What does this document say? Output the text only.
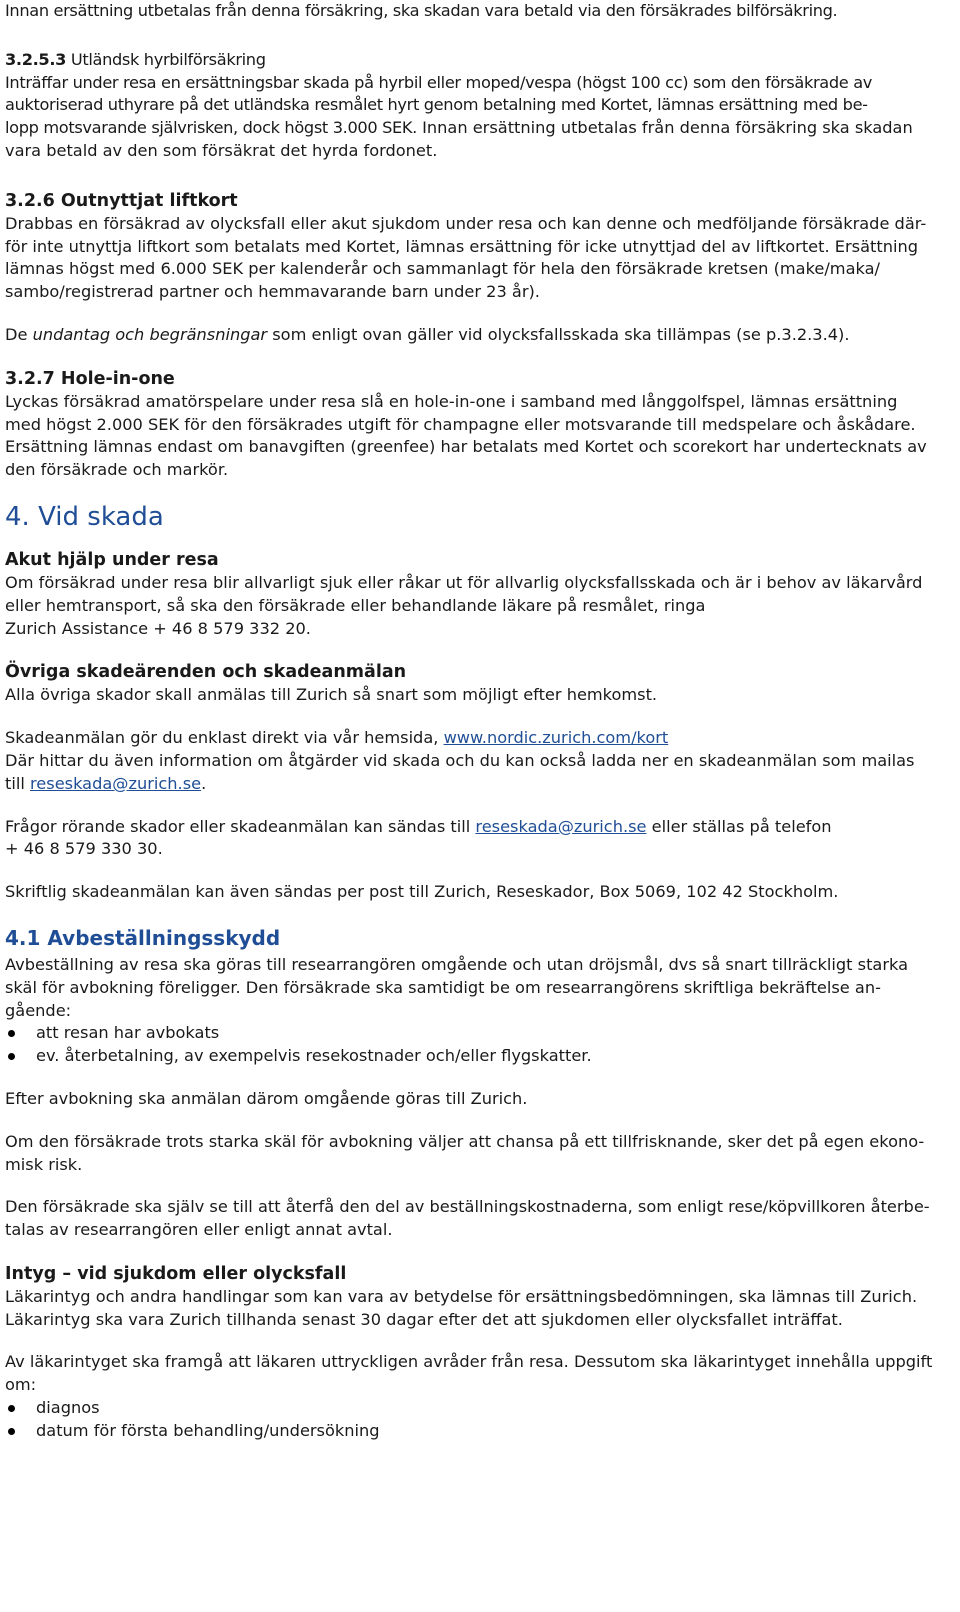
Innan ersättning utbetalas från denna försäkring, ska skadan vara betald via den försäkrades bilförsäkring.

3.2.5.3 Utländsk hyrbilförsäkring

Inträffar under resa en ersättningsbar skada på hyrbil eller moped/vespa (högst 100 cc) som den försäkrade av

auktoriserad uthyrare på det utländska resmålet hyrt genom betalning med Kortet, lämnas ersättning med be-

lopp motsvarande självrisken, dock högst 3.000 SEK. Innan ersättning utbetalas från denna försäkring ska skadan

vara betald av den som försäkrat det hyrda fordonet.

3.2.6 Outnyttjat liftkort

Drabbas en försäkrad av olycksfall eller akut sjukdom under resa och kan denne och medföljande försäkrade där-för inte utnyttja liftkort som betalats med Kortet, lämnas ersättning för icke utnyttjad del av liftkortet. Ersättning lämnas högst med 6.000 SEK per kalenderår och sammanlagt för hela den försäkrade kretsen (make/maka/ sambo/registrerad partner och hemmavarande barn under 23 år).

De undantag och begränsningar som enligt ovan gäller vid olycksfallsskada ska tillämpas (se p.3.2.3.4).

3.2.7 Hole-in-one

Lyckas försäkrad amatörspelare under resa slå en hole-in-one i samband med långgolfspel, lämnas ersättning med högst 2.000 SEK för den försäkrades utgift för champagne eller motsvarande till medspelare och åskådare. Ersättning lämnas endast om banavgiften (greenfee) har betalats med Kortet och scorekort har undertecknats av den försäkrade och markör.

4. Vid skada

Akut hjälp under resa

Om försäkrad under resa blir allvarligt sjuk eller råkar ut för allvarlig olycksfallsskada och är i behov av läkarvård eller hemtransport, så ska den försäkrade eller behandlande läkare på resmålet, ringa

Zurich Assistance + 46 8 579 332 20.

Övriga skadeärenden och skadeanmälan

Alla övriga skador skall anmälas till Zurich så snart som möjligt efter hemkomst.

Skadeanmälan gör du enklast direkt via vår hemsida, www.nordic.zurich.com/kort

Där hittar du även information om åtgärder vid skada och du kan också ladda ner en skadeanmälan som mailas till reseskada@zurich.se.

Frågor rörande skador eller skadeanmälan kan sändas till reseskada@zurich.se eller ställas på telefon

+ 46 8 579 330 30.

Skriftlig skadeanmälan kan även sändas per post till Zurich, Reseskador, Box 5069, 102 42 Stockholm.

4.1 Avbeställningsskydd

Avbeställning av resa ska göras till researrangören omgående och utan dröjsmål, dvs så snart tillräckligt starka skäl för avbokning föreligger. Den försäkrade ska samtidigt be om researrangörens skriftliga bekräftelse an-gående:

att resan har avbokats
ev. återbetalning, av exempelvis resekostnader och/eller flygskatter.

Efter avbokning ska anmälan därom omgående göras till Zurich.

Om den försäkrade trots starka skäl för avbokning väljer att chansa på ett tillfrisknande, sker det på egen ekono-misk risk.

Den försäkrade ska själv se till att återfå den del av beställningskostnaderna, som enligt rese/köpvillkoren återbe-talas av researrangören eller enligt annat avtal.

Intyg – vid sjukdom eller olycksfall

Läkarintyg och andra handlingar som kan vara av betydelse för ersättningsbedömningen, ska lämnas till Zurich. Läkarintyg ska vara Zurich tillhanda senast 30 dagar efter det att sjukdomen eller olycksfallet inträffat.

Av läkarintyget ska framgå att läkaren uttryckligen avråder från resa. Dessutom ska läkarintyget innehålla uppgift om:

diagnos
datum för första behandling/undersökning
